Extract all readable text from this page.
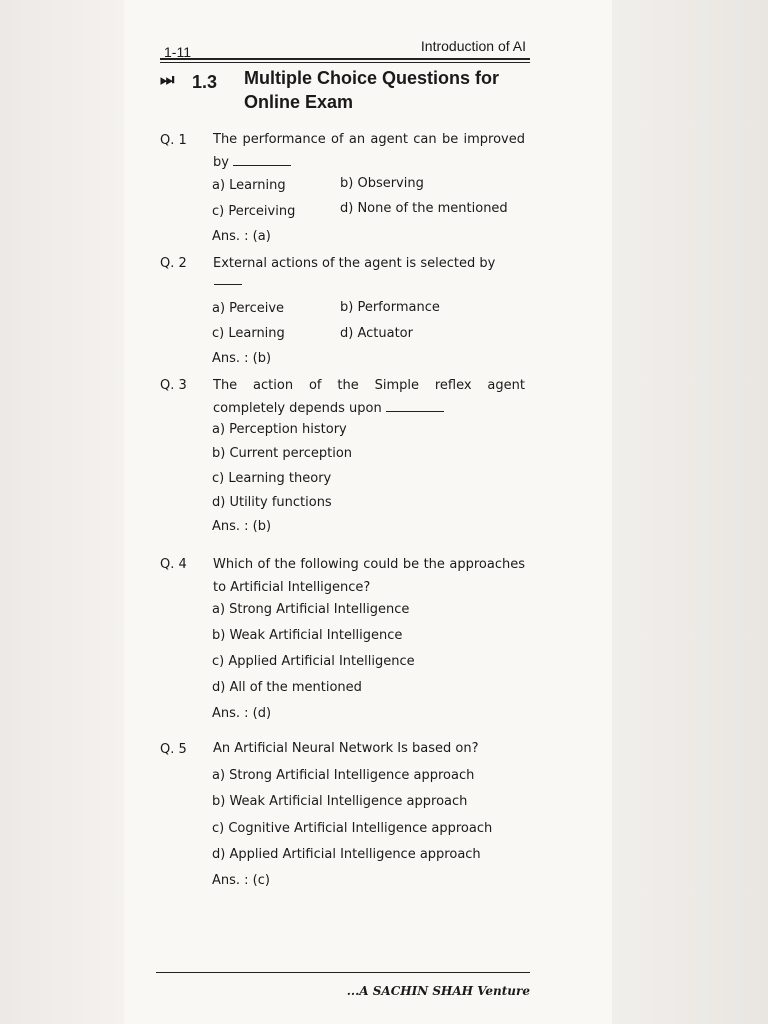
1-11	Introduction of AI
⏭ 1.3 Multiple Choice Questions for Online Exam
Q. 1 The performance of an agent can be improved by
a) Learning	b) Observing
c) Perceiving	d) None of the mentioned
Ans. : (a)
Q. 2 External actions of the agent is selected by
a) Perceive	b) Performance
c) Learning	d) Actuator
Ans. : (b)
Q. 3 The action of the Simple reflex agent completely depends upon
a) Perception history
b) Current perception
c) Learning theory
d) Utility functions
Ans. : (b)
Q. 4 Which of the following could be the approaches to Artificial Intelligence?
a) Strong Artificial Intelligence
b) Weak Artificial Intelligence
c) Applied Artificial Intelligence
d) All of the mentioned
Ans. : (d)
Q. 5 An Artificial Neural Network Is based on?
a) Strong Artificial Intelligence approach
b) Weak Artificial Intelligence approach
c) Cognitive Artificial Intelligence approach
d) Applied Artificial Intelligence approach
Ans. : (c)
...A SACHIN SHAH Venture
